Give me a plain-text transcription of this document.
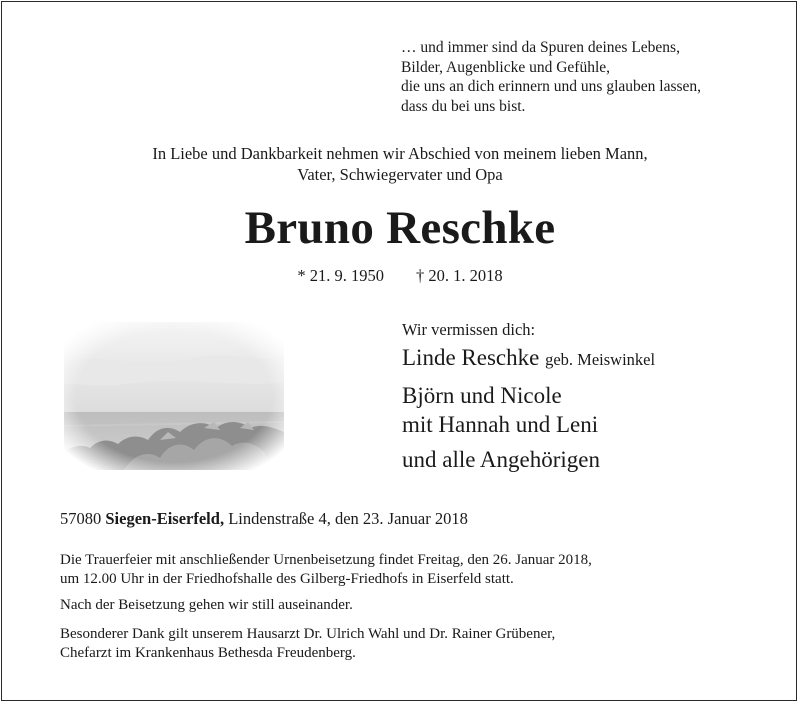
… und immer sind da Spuren deines Lebens,
Bilder, Augenblicke und Gefühle,
die uns an dich erinnern und uns glauben lassen,
dass du bei uns bist.
In Liebe und Dankbarkeit nehmen wir Abschied von meinem lieben Mann,
Vater, Schwiegervater und Opa
Bruno Reschke
* 21. 9. 1950 † 20. 1. 2018
Wir vermissen dich:
Linde Reschke geb. Meiswinkel
Björn und Nicole
mit Hannah und Leni
und alle Angehörigen
57080 Siegen-Eiserfeld, Lindenstraße 4, den 23. Januar 2018
Die Trauerfeier mit anschließender Urnenbeisetzung findet Freitag, den 26. Januar 2018,
um 12.00 Uhr in der Friedhofshalle des Gilberg-Friedhofs in Eiserfeld statt.
Nach der Beisetzung gehen wir still auseinander.
Besonderer Dank gilt unserem Hausarzt Dr. Ulrich Wahl und Dr. Rainer Grübener,
Chefarzt im Krankenhaus Bethesda Freudenberg.
